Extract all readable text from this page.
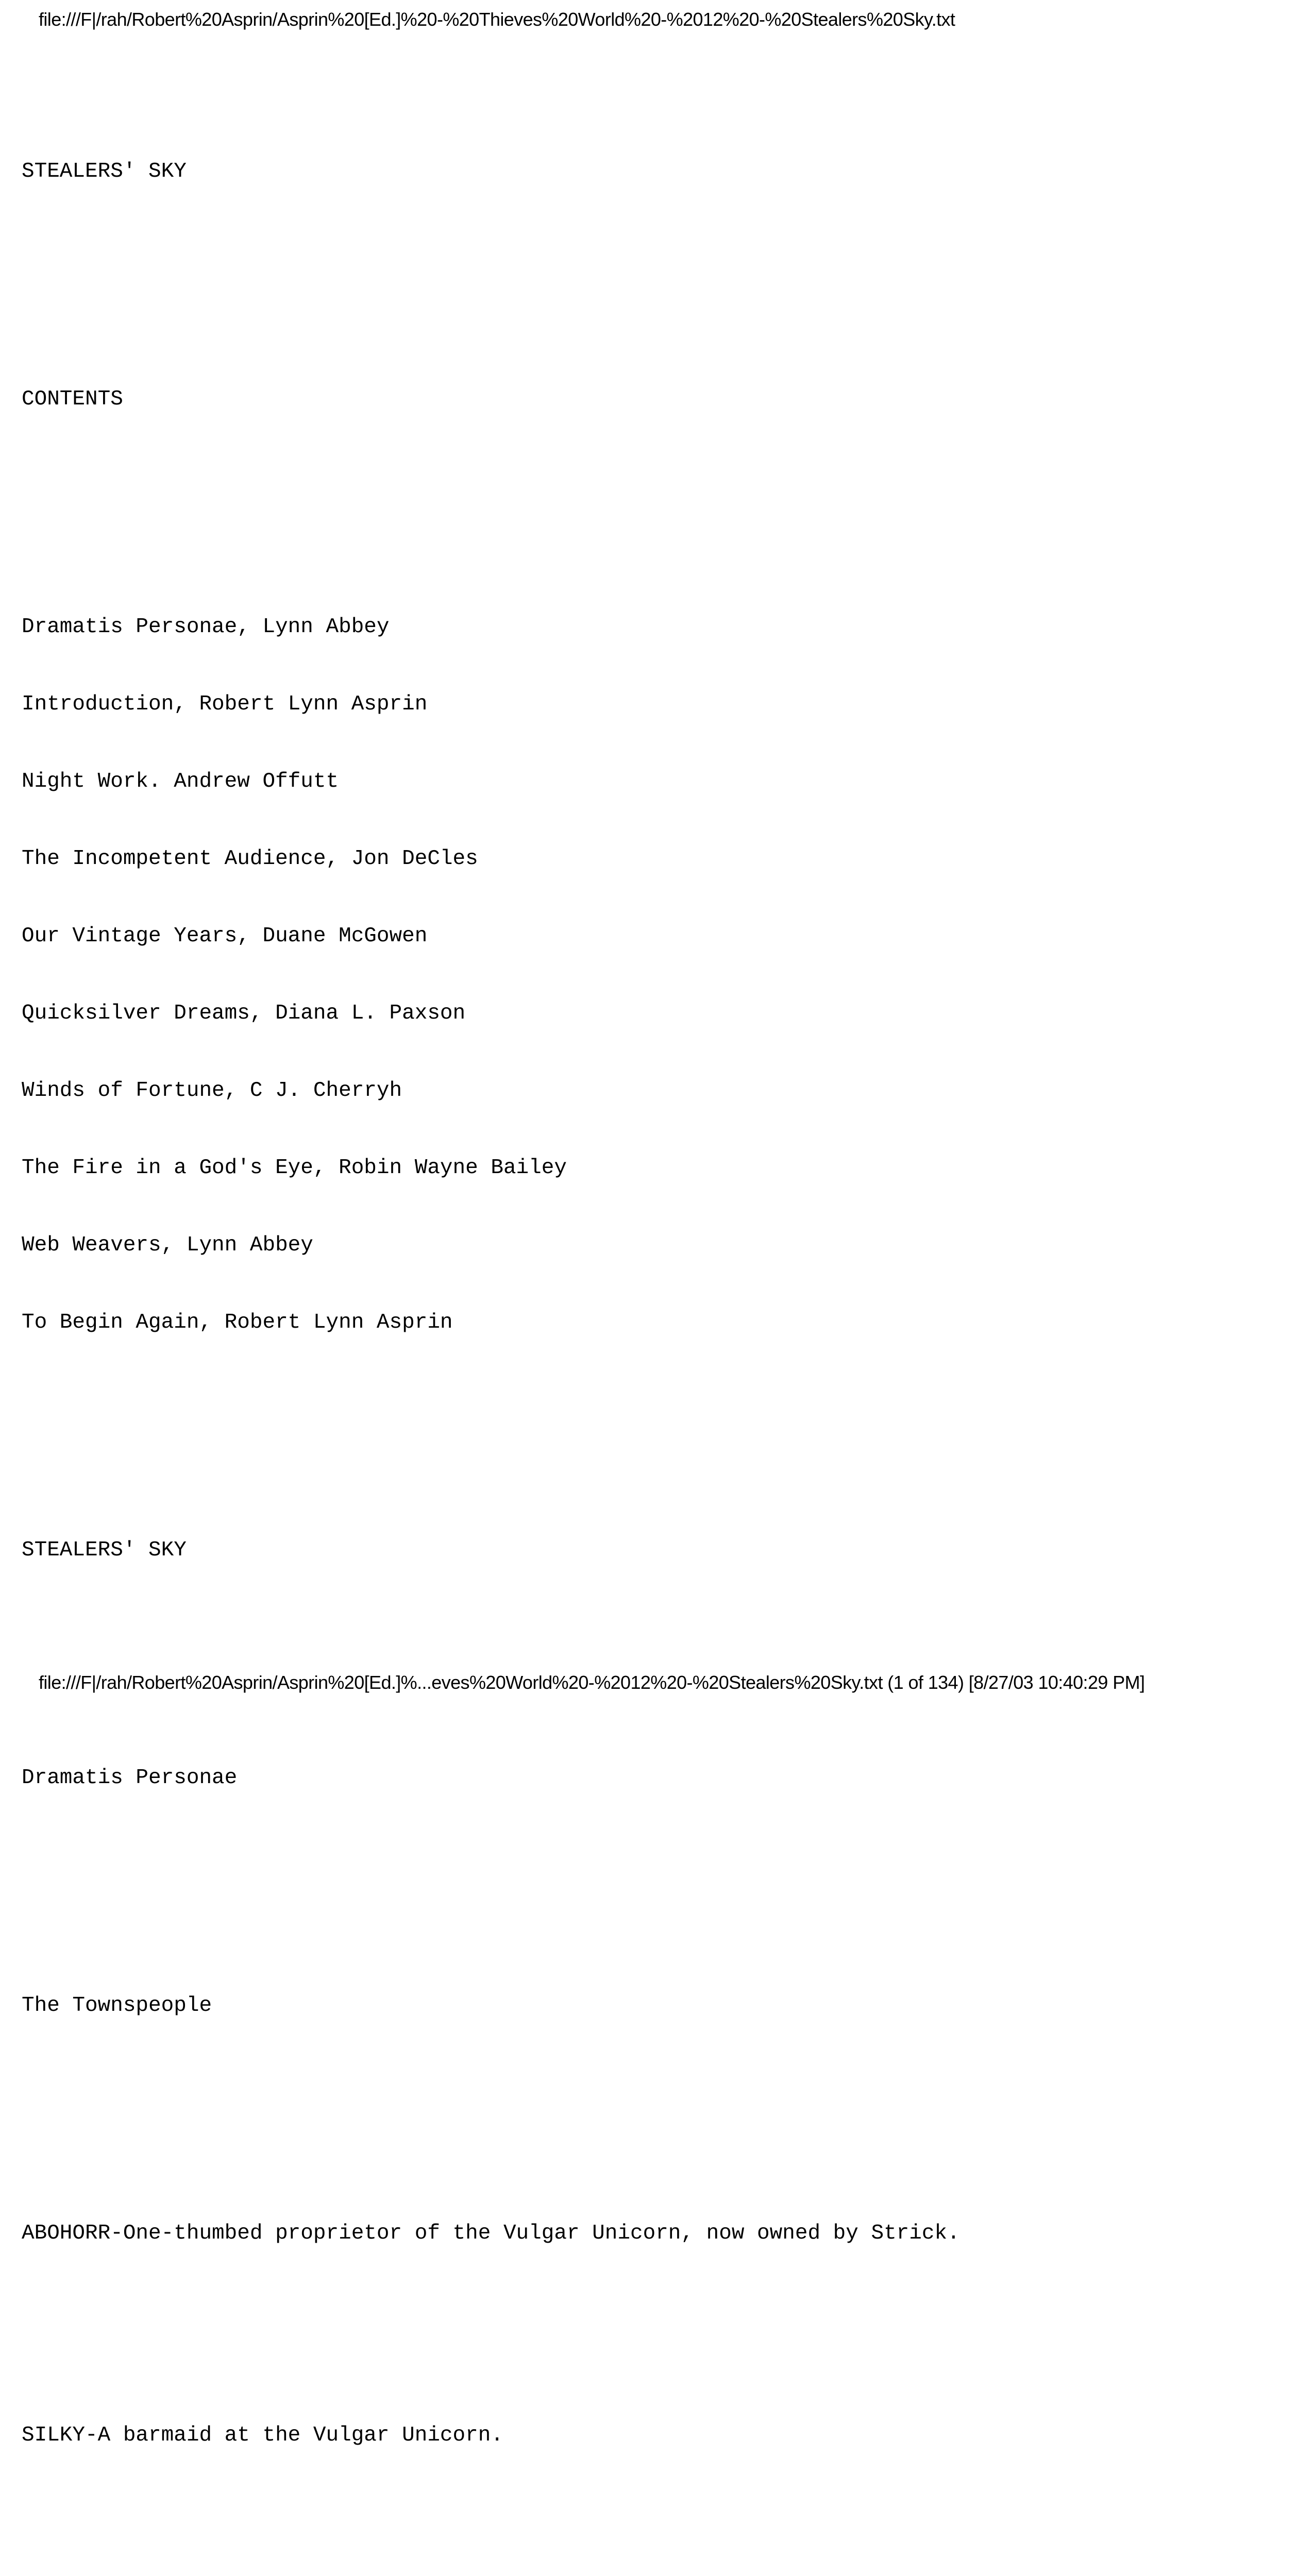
file:///F|/rah/Robert%20Asprin/Asprin%20[Ed.]%20-%20Thieves%20World%20-%2012%20-%20Stealers%20Sky.txt

STEALERS' SKY

CONTENTS

Dramatis Personae, Lynn Abbey

Introduction, Robert Lynn Asprin

Night Work. Andrew Offutt

The Incompetent Audience, Jon DeCles

Our Vintage Years, Duane McGowen

Quicksilver Dreams, Diana L. Paxson

Winds of Fortune, C J. Cherryh

The Fire in a God's Eye, Robin Wayne Bailey

Web Weavers, Lynn Abbey

To Begin Again, Robert Lynn Asprin

STEALERS' SKY

Dramatis Personae

The Townspeople

ABOHORR-One-thumbed proprietor of the Vulgar Unicorn, now owned by Strick.

SILKY-A barmaid at the Vulgar Unicorn.

file:///F|/rah/Robert%20Asprin/Asprin%20[Ed.]%...eves%20World%20-%2012%20-%20Stealers%20Sky.txt (1 of 134) [8/27/03 10:40:29 PM]
